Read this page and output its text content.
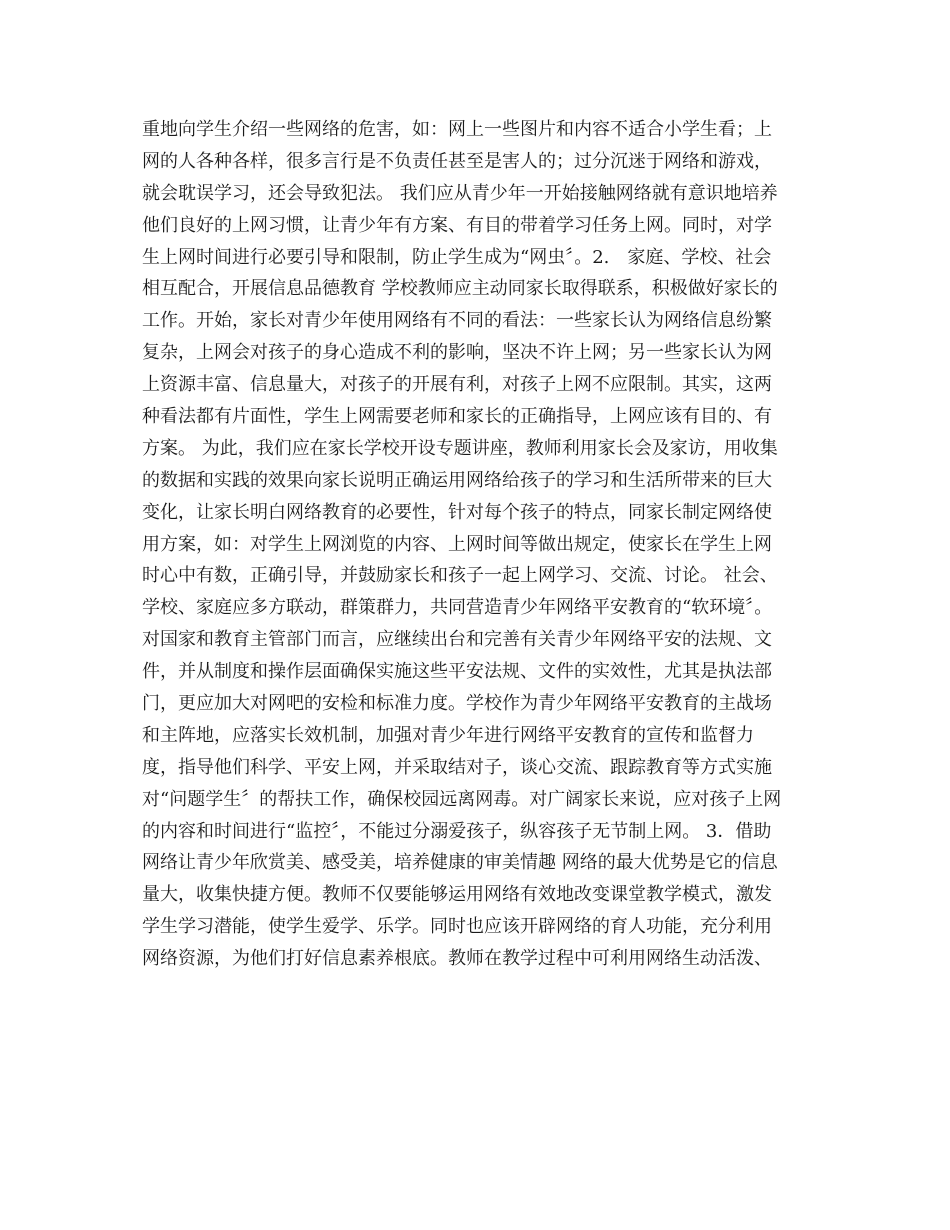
重地向学生介绍一些网络的危害，如：网上一些图片和内容不适合小学生看；上
网的人各种各样，很多言行是不负责任甚至是害人的；过分沉迷于网络和游戏，
就会耽误学习，还会导致犯法。 我们应从青少年一开始接触网络就有意识地培养
他们良好的上网习惯，让青少年有方案、有目的带着学习任务上网。同时，对学
生上网时间进行必要引导和限制，防止学生成为“网虫〞。2.　家庭、学校、社会
相互配合，开展信息品德教育 学校教师应主动同家长取得联系，积极做好家长的
工作。开始，家长对青少年使用网络有不同的看法：一些家长认为网络信息纷繁
复杂，上网会对孩子的身心造成不利的影响，坚决不许上网；另一些家长认为网
上资源丰富、信息量大，对孩子的开展有利，对孩子上网不应限制。其实，这两
种看法都有片面性，学生上网需要老师和家长的正确指导，上网应该有目的、有
方案。 为此，我们应在家长学校开设专题讲座，教师利用家长会及家访，用收集
的数据和实践的效果向家长说明正确运用网络给孩子的学习和生活所带来的巨大
变化，让家长明白网络教育的必要性，针对每个孩子的特点，同家长制定网络使
用方案，如：对学生上网浏览的内容、上网时间等做出规定，使家长在学生上网
时心中有数，正确引导，并鼓励家长和孩子一起上网学习、交流、讨论。 社会、
学校、家庭应多方联动，群策群力，共同营造青少年网络平安教育的“软环境〞。
对国家和教育主管部门而言，应继续出台和完善有关青少年网络平安的法规、文
件，并从制度和操作层面确保实施这些平安法规、文件的实效性，尤其是执法部
门，更应加大对网吧的安检和标准力度。学校作为青少年网络平安教育的主战场
和主阵地，应落实长效机制，加强对青少年进行网络平安教育的宣传和监督力
度，指导他们科学、平安上网，并采取结对子，谈心交流、跟踪教育等方式实施
对“问题学生〞的帮扶工作，确保校园远离网毒。对广阔家长来说，应对孩子上网
的内容和时间进行“监控〞，不能过分溺爱孩子，纵容孩子无节制上网。 3．借助
网络让青少年欣赏美、感受美，培养健康的审美情趣 网络的最大优势是它的信息
量大，收集快捷方便。教师不仅要能够运用网络有效地改变课堂教学模式，激发
学生学习潜能，使学生爱学、乐学。同时也应该开辟网络的育人功能，充分利用
网络资源，为他们打好信息素养根底。教师在教学过程中可利用网络生动活泼、
